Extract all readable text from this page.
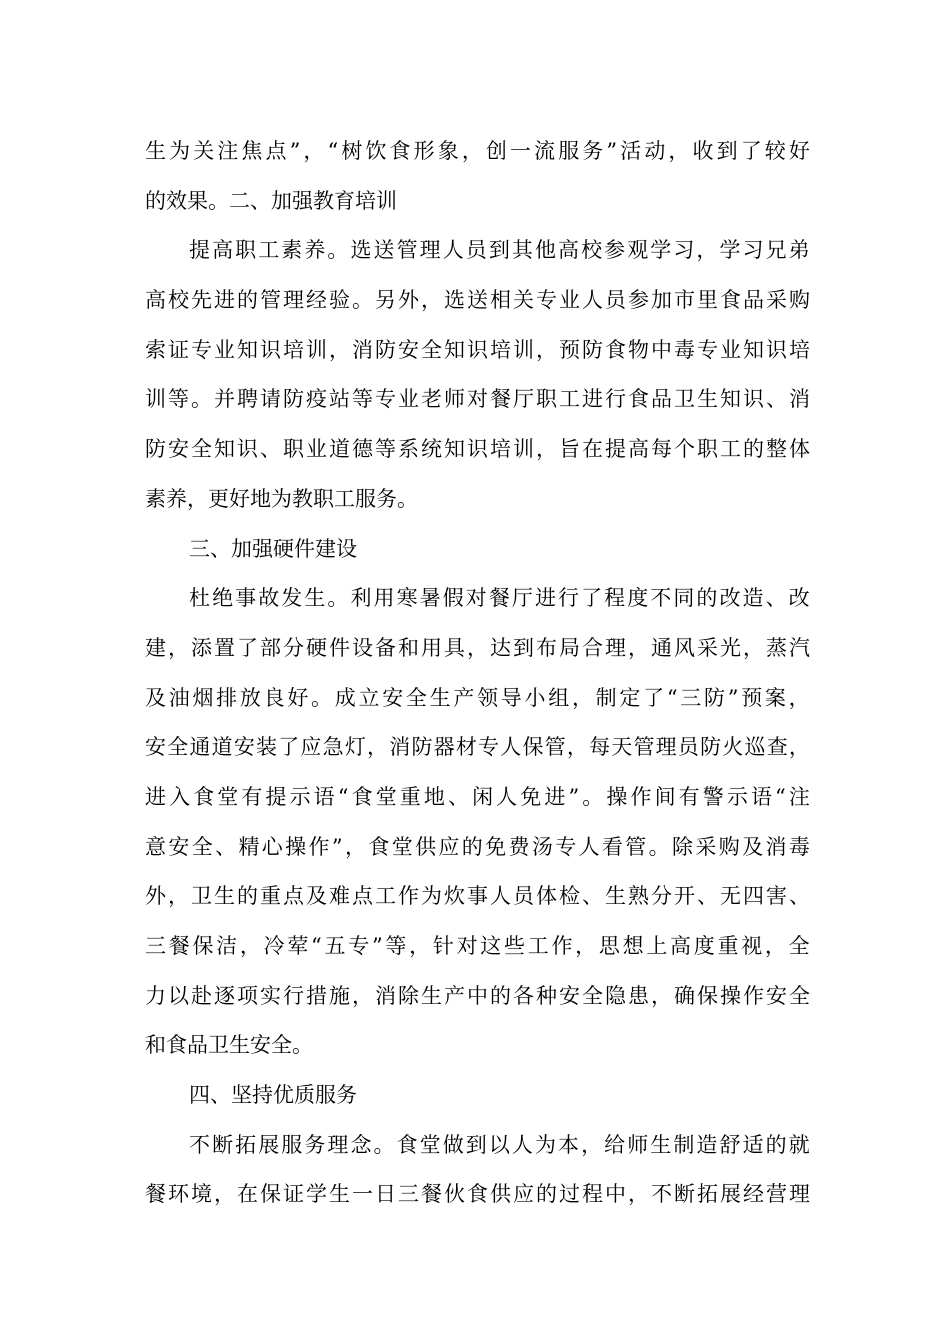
生 为 关 注 焦 点 ” ， “ 树 饮 食 形 象 ， 创 一 流 服 务 ” 活 动 ， 收 到 了 较 好
的效果。二、加强教育培训
提 高 职 工 素 养 。 选 送 管 理 人 员 到 其 他 高 校 参 观 学 习 ， 学 习 兄 弟
高 校 先 进 的 管 理 经 验 。 另 外 ， 选 送 相 关 专 业 人 员 参 加 市 里 食 品 采 购
索 证 专 业 知 识 培 训 ， 消 防 安 全 知 识 培 训 ， 预 防 食 物 中 毒 专 业 知 识 培
训 等 。 并 聘 请 防 疫 站 等 专 业 老 师 对 餐 厅 职 工 进 行 食 品 卫 生 知 识 、 消
防 安 全 知 识 、 职 业 道 德 等 系 统 知 识 培 训 ， 旨 在 提 高 每 个 职 工 的 整 体
素养，更好地为教职工服务。
三、加强硬件建设
杜 绝 事 故 发 生 。 利 用 寒 暑 假 对 餐 厅 进 行 了 程 度 不 同 的 改 造 、 改
建 ， 添 置 了 部 分 硬 件 设 备 和 用 具 ， 达 到 布 局 合 理 ， 通 风 采 光 ， 蒸 汽
及 油 烟 排 放 良 好 。 成 立 安 全 生 产 领 导 小 组 ， 制 定 了 “ 三 防 ” 预 案 ，
安 全 通 道 安 装 了 应 急 灯 ， 消 防 器 材 专 人 保 管 ， 每 天 管 理 员 防 火 巡 查 ，
进 入 食 堂 有 提 示 语 “ 食 堂 重 地 、 闲 人 免 进 ” 。 操 作 间 有 警 示 语 “ 注
意 安 全 、 精 心 操 作 ” ， 食 堂 供 应 的 免 费 汤 专 人 看 管 。 除 采 购 及 消 毒
外 ， 卫 生 的 重 点 及 难 点 工 作 为 炊 事 人 员 体 检 、 生 熟 分 开 、 无 四 害 、
三 餐 保 洁 ， 冷 荤 “ 五 专 ” 等 ， 针 对 这 些 工 作 ， 思 想 上 高 度 重 视 ， 全
力 以 赴 逐 项 实 行 措 施 ， 消 除 生 产 中 的 各 种 安 全 隐 患 ， 确 保 操 作 安 全
和食品卫生安全。
四、坚持优质服务
不 断 拓 展 服 务 理 念 。 食 堂 做 到 以 人 为 本 ， 给 师 生 制 造 舒 适 的 就
餐 环 境 ， 在 保 证 学 生 一 日 三 餐 伙 食 供 应 的 过 程 中 ， 不 断 拓 展 经 营 理
